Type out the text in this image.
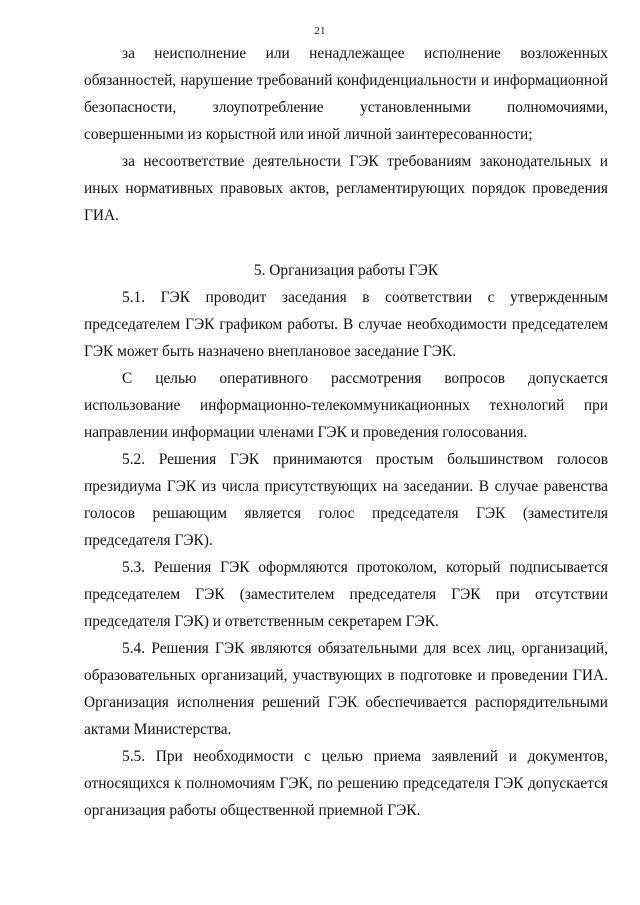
21

за неисполнение или ненадлежащее исполнение возложенных обязанностей, нарушение требований конфиденциальности и информационной безопасности, злоупотребление установленными полномочиями, совершенными из корыстной или иной личной заинтересованности;

за несоответствие деятельности ГЭК требованиям законодательных и иных нормативных правовых актов, регламентирующих порядок проведения ГИА.

5. Организация работы ГЭК

5.1. ГЭК проводит заседания в соответствии с утвержденным председателем ГЭК графиком работы. В случае необходимости председателем ГЭК может быть назначено внеплановое заседание ГЭК.

С целью оперативного рассмотрения вопросов допускается использование информационно-телекоммуникационных технологий при направлении информации членами ГЭК и проведения голосования.

5.2. Решения ГЭК принимаются простым большинством голосов президиума ГЭК из числа присутствующих на заседании. В случае равенства голосов решающим является голос председателя ГЭК (заместителя председателя ГЭК).

5.3. Решения ГЭК оформляются протоколом, который подписывается председателем ГЭК (заместителем председателя ГЭК при отсутствии председателя ГЭК) и ответственным секретарем ГЭК.

5.4. Решения ГЭК являются обязательными для всех лиц, организаций, образовательных организаций, участвующих в подготовке и проведении ГИА. Организация исполнения решений ГЭК обеспечивается распорядительными актами Министерства.

5.5. При необходимости с целью приема заявлений и документов, относящихся к полномочиям ГЭК, по решению председателя ГЭК допускается организация работы общественной приемной ГЭК.
